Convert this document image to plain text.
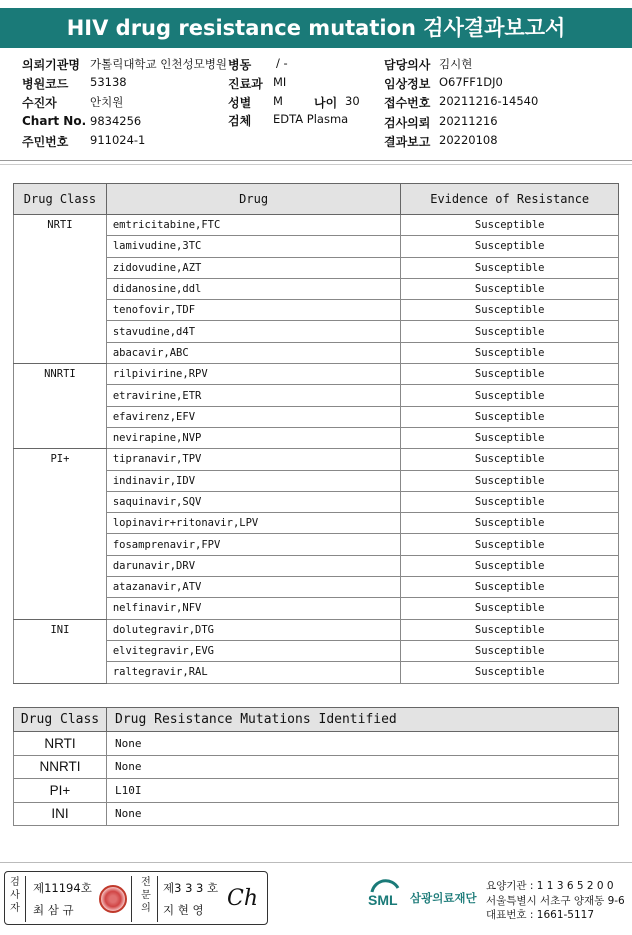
HIV drug resistance mutation 검사결과보고서
의뢰기관명 가톨릭대학교 인천성모병원 병동 / -	담당의사 김시현
병원코드 53138	진료과 MI	임상정보 O67FF1DJ0
수진자	안치원	성별 M	나이 30 접수번호 20211216-14540
Chart No. 9834256	검체 EDTA Plasma	검사의뢰 20211216
주민번호 911024-1	결과보고 20220108
Drug Class	Drug	Evidence of Resistance
NRTI	emtricitabine,FTC	Susceptible
	lamivudine,3TC	Susceptible
	zidovudine,AZT	Susceptible
	didanosine,ddl	Susceptible
	tenofovir,TDF	Susceptible
	stavudine,d4T	Susceptible
	abacavir,ABC	Susceptible
NNRTI	rilpivirine,RPV	Susceptible
	etravirine,ETR	Susceptible
	efavirenz,EFV	Susceptible
	nevirapine,NVP	Susceptible
PI+	tipranavir,TPV	Susceptible
	indinavir,IDV	Susceptible
	saquinavir,SQV	Susceptible
	lopinavir+ritonavir,LPV	Susceptible
	fosamprenavir,FPV	Susceptible
	darunavir,DRV	Susceptible
	atazanavir,ATV	Susceptible
	nelfinavir,NFV	Susceptible
INI	dolutegravir,DTG	Susceptible
	elvitegravir,EVG	Susceptible
	raltegravir,RAL	Susceptible
Drug Class	Drug Resistance Mutations Identified
NRTI	None
NNRTI	None
PI+	L10I
INI	None
검사자
제11194호
최 삼 규
전문의
제3 3 3 호
지 현 영 Ch	SML 삼광의료재단
요양기관 : 1 1 3 6 5 2 0 0
서울특별시 서초구 양재동 9-6
대표번호 : 1661-5117
